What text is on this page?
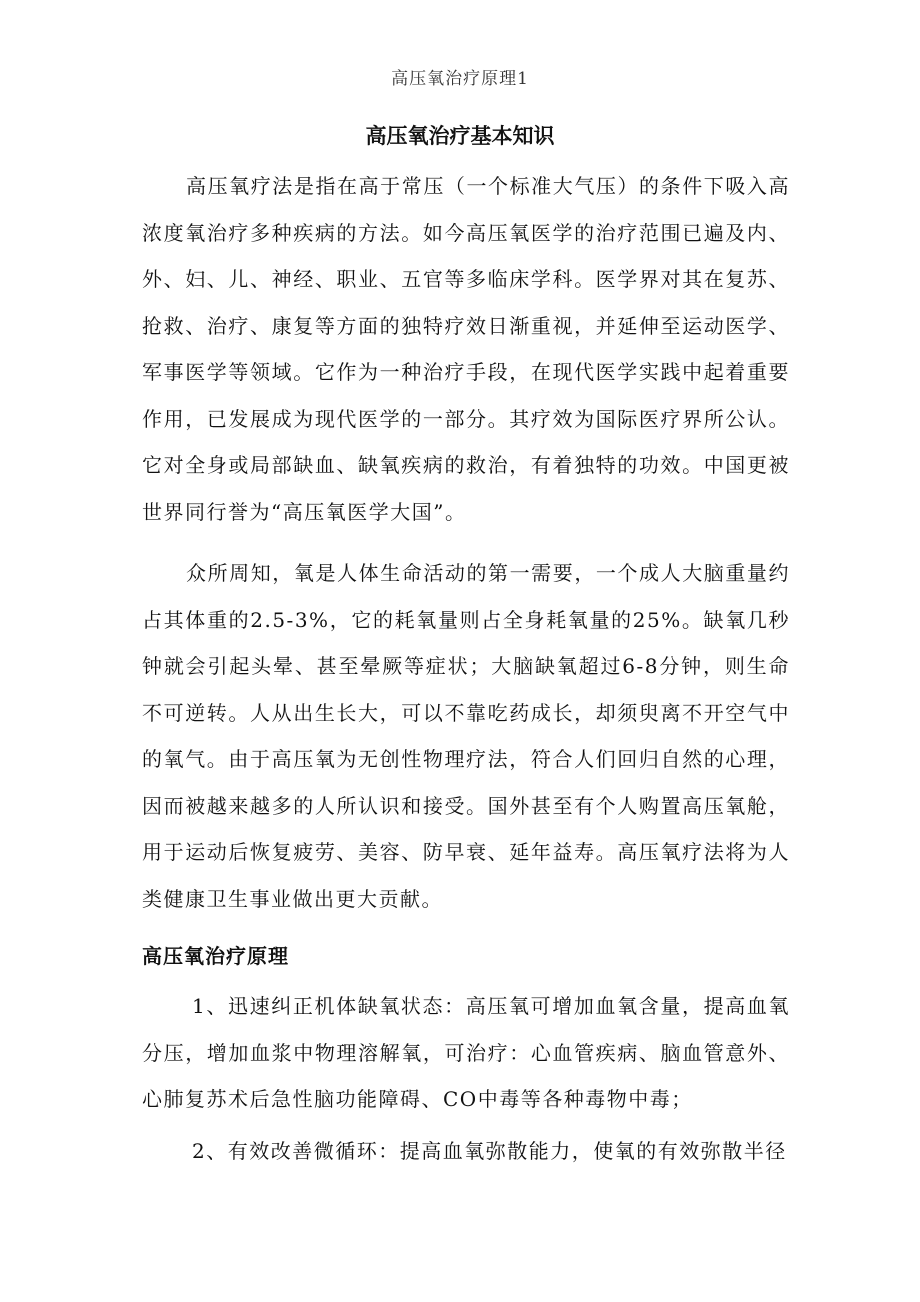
高压氧治疗原理1
高压氧治疗基本知识

高压氧疗法是指在高于常压（一个标准大气压）的条件下吸入高浓度氧治疗多种疾病的方法。如今高压氧医学的治疗范围已遍及内、外、妇、儿、神经、职业、五官等多临床学科。医学界对其在复苏、抢救、治疗、康复等方面的独特疗效日渐重视，并延伸至运动医学、军事医学等领域。它作为一种治疗手段，在现代医学实践中起着重要作用，已发展成为现代医学的一部分。其疗效为国际医疗界所公认。它对全身或局部缺血、缺氧疾病的救治，有着独特的功效。中国更被世界同行誉为“高压氧医学大国”。

众所周知，氧是人体生命活动的第一需要，一个成人大脑重量约占其体重的2.5-3%，它的耗氧量则占全身耗氧量的25%。缺氧几秒钟就会引起头晕、甚至晕厥等症状；大脑缺氧超过6-8分钟，则生命不可逆转。人从出生长大，可以不靠吃药成长，却须臾离不开空气中的氧气。由于高压氧为无创性物理疗法，符合人们回归自然的心理，因而被越来越多的人所认识和接受。国外甚至有个人购置高压氧舱，用于运动后恢复疲劳、美容、防早衰、延年益寿。高压氧疗法将为人类健康卫生事业做出更大贡献。

高压氧治疗原理

1、迅速纠正机体缺氧状态：高压氧可增加血氧含量，提高血氧分压，增加血浆中物理溶解氧，可治疗：心血管疾病、脑血管意外、心肺复苏术后急性脑功能障碍、CO中毒等各种毒物中毒；

2、有效改善微循环：提高血氧弥散能力，使氧的有效弥散半径
